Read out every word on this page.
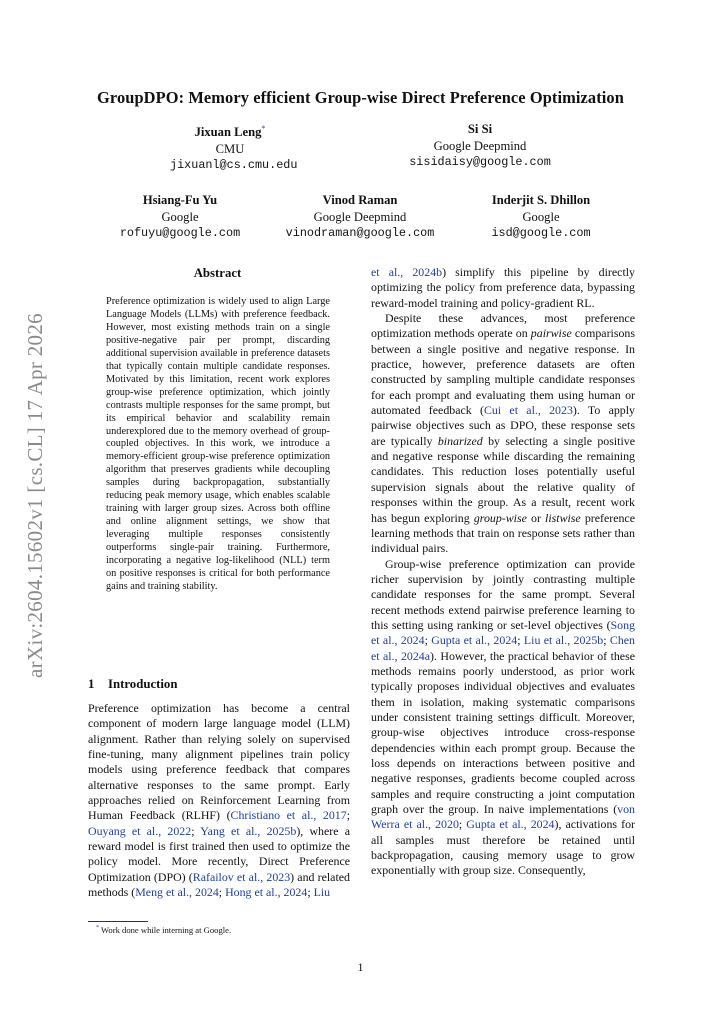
arXiv:2604.15602v1 [cs.CL] 17 Apr 2026
GroupDPO: Memory efficient Group-wise Direct Preference Optimization
Jixuan Leng*
CMU
jixuanl@cs.cmu.edu
Si Si
Google Deepmind
sisidaisy@google.com
Hsiang-Fu Yu
Google
rofuyu@google.com
Vinod Raman
Google Deepmind
vinodraman@google.com
Inderjit S. Dhillon
Google
isd@google.com
Abstract
Preference optimization is widely used to align Large Language Models (LLMs) with preference feedback. However, most existing methods train on a single positive-negative pair per prompt, discarding additional supervision available in preference datasets that typically contain multiple candidate responses. Motivated by this limitation, recent work explores group-wise preference optimization, which jointly contrasts multiple responses for the same prompt, but its empirical behavior and scalability remain underexplored due to the memory overhead of group-coupled objectives. In this work, we introduce a memory-efficient group-wise preference optimization algorithm that preserves gradients while decoupling samples during backpropagation, substantially reducing peak memory usage, which enables scalable training with larger group sizes. Across both offline and online alignment settings, we show that leveraging multiple responses consistently outperforms single-pair training. Furthermore, incorporating a negative log-likelihood (NLL) term on positive responses is critical for both performance gains and training stability.
1 Introduction

Preference optimization has become a central component of modern large language model (LLM) alignment. Rather than relying solely on supervised fine-tuning, many alignment pipelines train policy models using preference feedback that compares alternative responses to the same prompt. Early approaches relied on Reinforcement Learning from Human Feedback (RLHF) (Christiano et al., 2017; Ouyang et al., 2022; Yang et al., 2025b), where a reward model is first trained then used to optimize the policy model. More recently, Direct Preference Optimization (DPO) (Rafailov et al., 2023) and related methods (Meng et al., 2024; Hong et al., 2024; Liu

et al., 2024b) simplify this pipeline by directly optimizing the policy from preference data, bypassing reward-model training and policy-gradient RL.

Despite these advances, most preference optimization methods operate on pairwise comparisons between a single positive and negative response. In practice, however, preference datasets are often constructed by sampling multiple candidate responses for each prompt and evaluating them using human or automated feedback (Cui et al., 2023). To apply pairwise objectives such as DPO, these response sets are typically binarized by selecting a single positive and negative response while discarding the remaining candidates. This reduction loses potentially useful supervision signals about the relative quality of responses within the group. As a result, recent work has begun exploring group-wise or listwise preference learning methods that train on response sets rather than individual pairs.

Group-wise preference optimization can provide richer supervision by jointly contrasting multiple candidate responses for the same prompt. Several recent methods extend pairwise preference learning to this setting using ranking or set-level objectives (Song et al., 2024; Gupta et al., 2024; Liu et al., 2025b; Chen et al., 2024a). However, the practical behavior of these methods remains poorly understood, as prior work typically proposes individual objectives and evaluates them in isolation, making systematic comparisons under consistent training settings difficult. Moreover, group-wise objectives introduce cross-response dependencies within each prompt group. Because the loss depends on interactions between positive and negative responses, gradients become coupled across samples and require constructing a joint computation graph over the group. In naive implementations (von Werra et al., 2020; Gupta et al., 2024), activations for all samples must therefore be retained until backpropagation, causing memory usage to grow exponentially with group size. Consequently,

* Work done while interning at Google.
1
